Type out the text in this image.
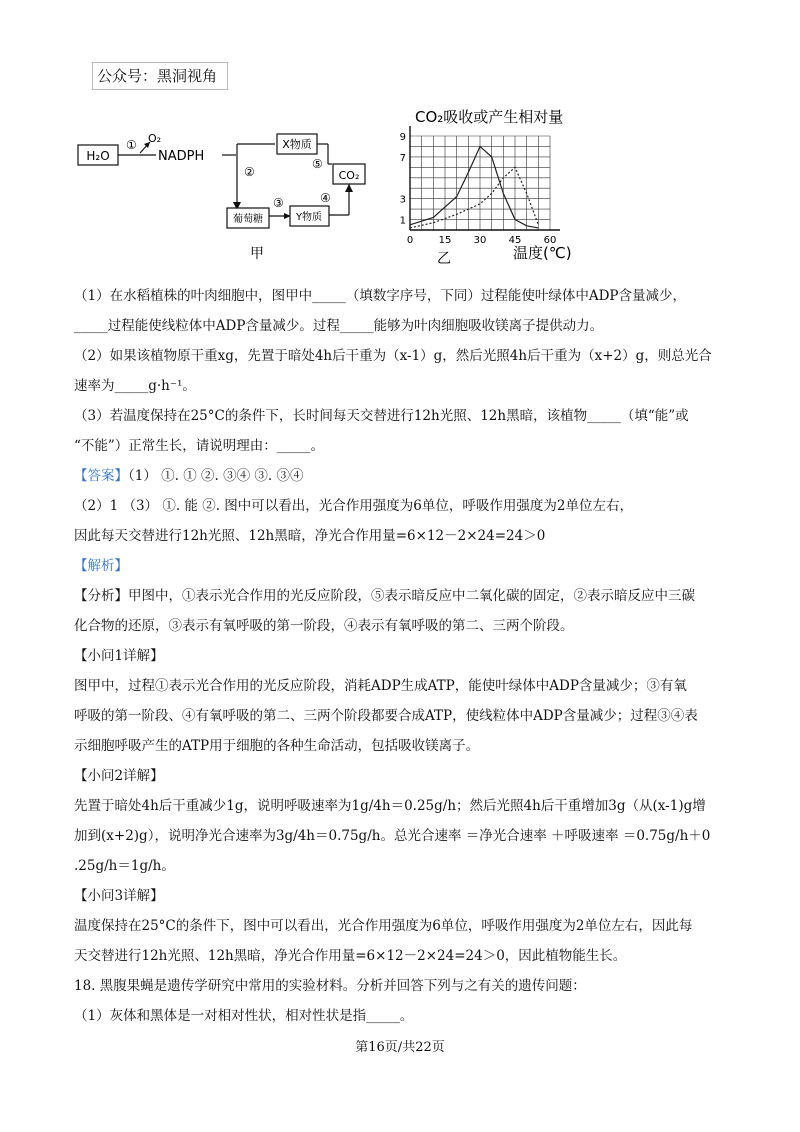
公众号：黑洞视角
H₂O
① O₂
NADPH
②
X物质
⑤
CO₂
④
葡萄糖
③
Y物质
甲
CO₂吸收或产生相对量
9
7
3
1
0	15 30 45 60
乙	温度(℃)
（1）在水稻植株的叶肉细胞中，图甲中_____（填数字序号，下同）过程能使叶绿体中ADP含量减少，
_____过程能使线粒体中ADP含量减少。过程_____能够为叶肉细胞吸收镁离子提供动力。
（2）如果该植物原干重xg，先置于暗处4h后干重为（x-1）g，然后光照4h后干重为（x+2）g，则总光合
速率为_____g·h⁻¹。
（3）若温度保持在25°C的条件下，长时间每天交替进行12h光照、12h黑暗，该植物_____（填“能”或
“不能”）正常生长，请说明理由：_____。
【答案】（1） ①. ① ②. ③④ ③. ③④
（2）1 （3） ①. 能 ②. 图中可以看出，光合作用强度为6单位，呼吸作用强度为2单位左右，
因此每天交替进行12h光照、12h黑暗，净光合作用量=6×12－2×24=24＞0
【解析】
【分析】甲图中，①表示光合作用的光反应阶段，⑤表示暗反应中二氧化碳的固定，②表示暗反应中三碳
化合物的还原，③表示有氧呼吸的第一阶段，④表示有氧呼吸的第二、三两个阶段。
【小问1详解】
图甲中，过程①表示光合作用的光反应阶段，消耗ADP生成ATP，能使叶绿体中ADP含量减少；③有氧
呼吸的第一阶段、④有氧呼吸的第二、三两个阶段都要合成ATP，使线粒体中ADP含量减少；过程③④表
示细胞呼吸产生的ATP用于细胞的各种生命活动，包括吸收镁离子。
【小问2详解】
先置于暗处4h后干重减少1g，说明呼吸速率为1g/4h＝0.25g/h；然后光照4h后干重增加3g（从(x-1)g增
加到(x+2)g），说明净光合速率为3g/4h＝0.75g/h。总光合速率 ＝净光合速率 ＋呼吸速率 ＝0.75g/h＋0
.25g/h＝1g/h。
【小问3详解】
温度保持在25°C的条件下，图中可以看出，光合作用强度为6单位，呼吸作用强度为2单位左右，因此每
天交替进行12h光照、12h黑暗，净光合作用量=6×12－2×24=24＞0，因此植物能生长。
18. 黑腹果蝇是遗传学研究中常用的实验材料。分析并回答下列与之有关的遗传问题：
（1）灰体和黑体是一对相对性状，相对性状是指_____。
第16页/共22页
